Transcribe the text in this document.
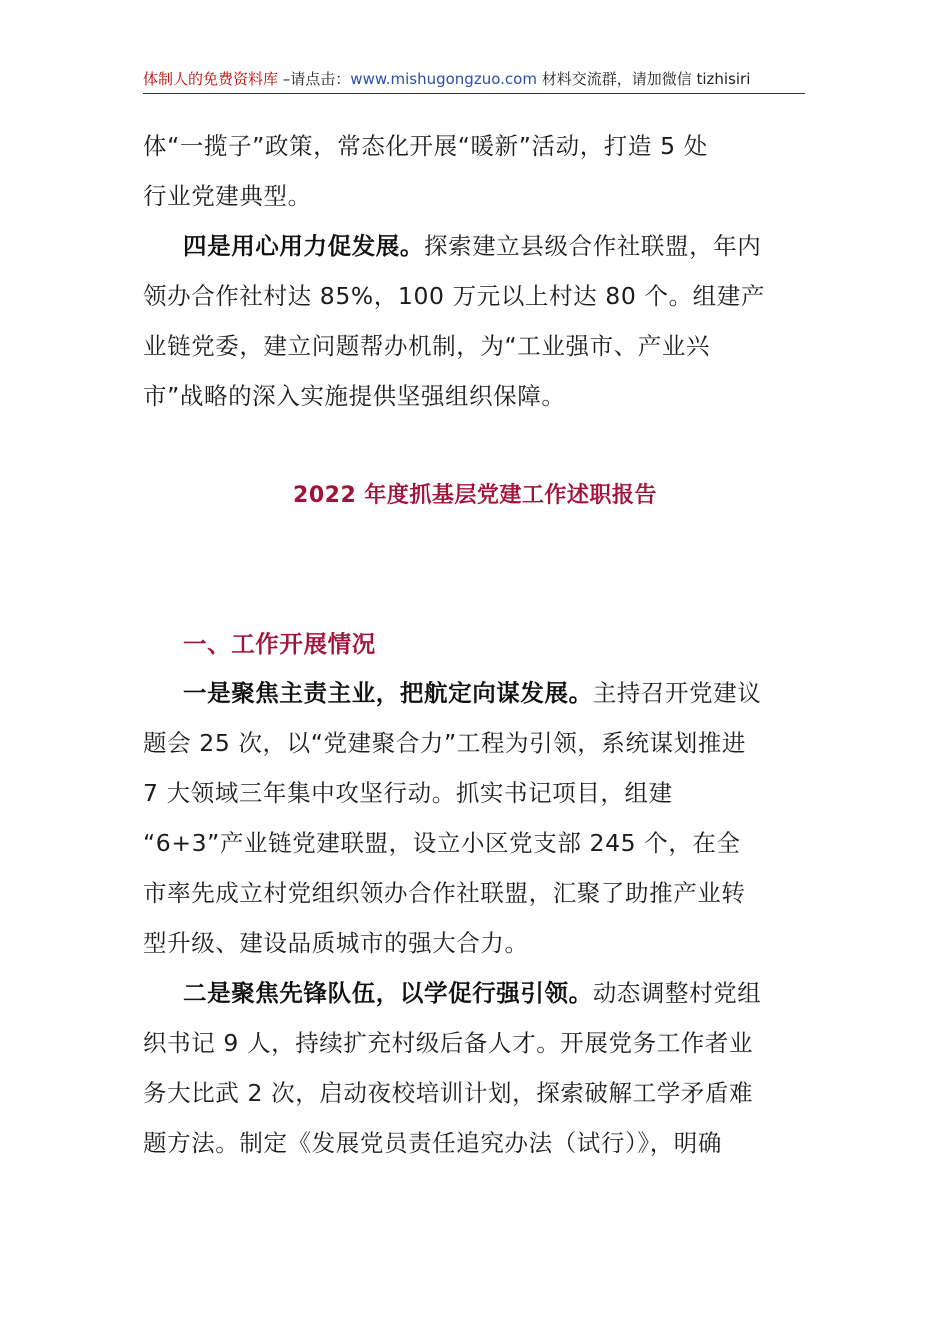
体制人的免费资料库 –请点击：www.mishugongzuo.com 材料交流群，请加微信 tizhisiri
体“一揽子”政策，常态化开展“暖新”活动，打造 5 处
行业党建典型。
四是用心用力促发展。探索建立县级合作社联盟，年内
领办合作社村达 85%，100 万元以上村达 80 个。组建产
业链党委，建立问题帮办机制，为“工业强市、产业兴
市”战略的深入实施提供坚强组织保障。
2022 年度抓基层党建工作述职报告
一、工作开展情况
一是聚焦主责主业，把航定向谋发展。主持召开党建议
题会 25 次，以“党建聚合力”工程为引领，系统谋划推进
7 大领域三年集中攻坚行动。抓实书记项目，组建
“6+3”产业链党建联盟，设立小区党支部 245 个，在全
市率先成立村党组织领办合作社联盟，汇聚了助推产业转
型升级、建设品质城市的强大合力。
二是聚焦先锋队伍，以学促行强引领。动态调整村党组
织书记 9 人，持续扩充村级后备人才。开展党务工作者业
务大比武 2 次，启动夜校培训计划，探索破解工学矛盾难
题方法。制定《发展党员责任追究办法（试行）》，明确
